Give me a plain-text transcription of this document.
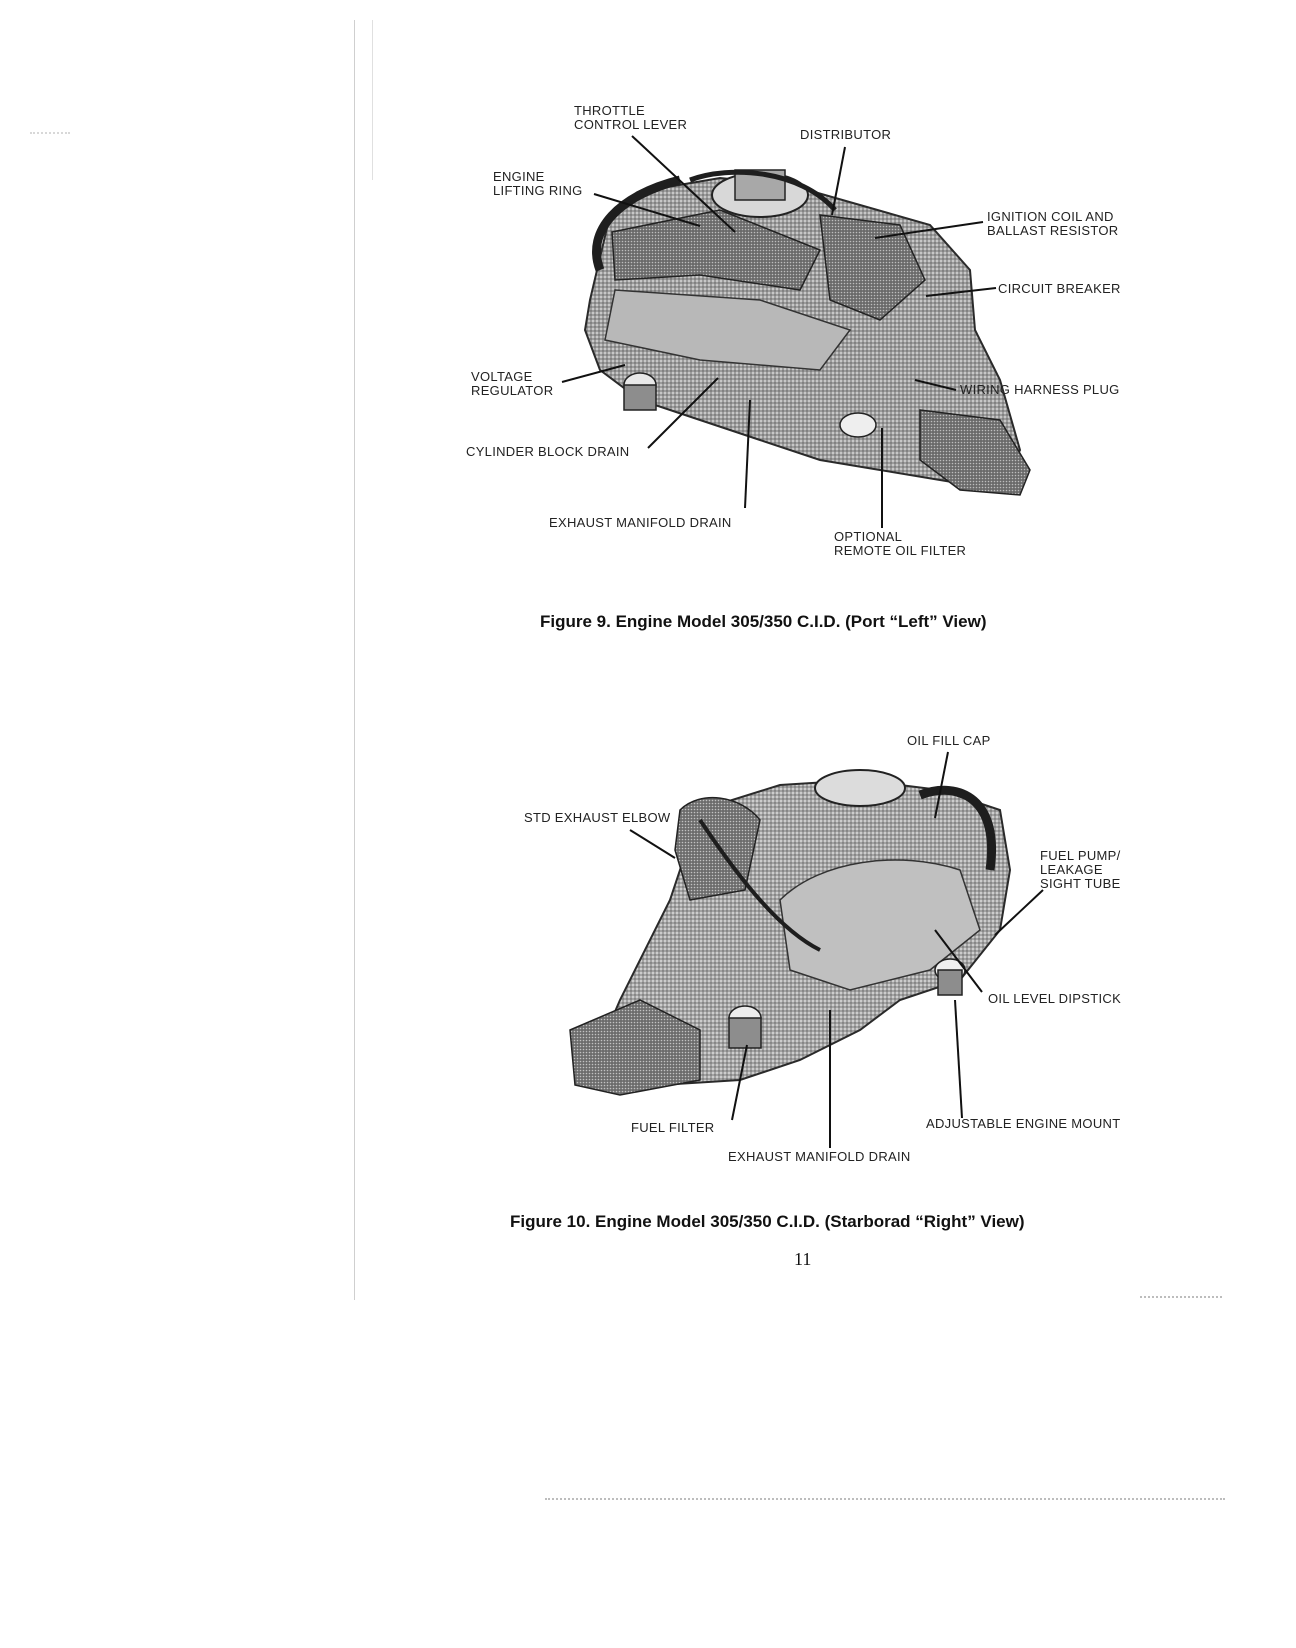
THROTTLE
CONTROL LEVER
DISTRIBUTOR
ENGINE
LIFTING RING
IGNITION COIL AND
BALLAST RESISTOR
CIRCUIT BREAKER
VOLTAGE
REGULATOR	WIRING HARNESS PLUG
CYLINDER BLOCK DRAIN
EXHAUST MANIFOLD DRAIN
OPTIONAL
REMOTE OIL FILTER
Figure 9. Engine Model 305/350 C.I.D. (Port “Left” View)
OIL FILL CAP
STD EXHAUST ELBOW
FUEL PUMP/
LEAKAGE
SIGHT TUBE
OIL LEVEL DIPSTICK
FUEL FILTER	ADJUSTABLE ENGINE MOUNT
EXHAUST MANIFOLD DRAIN
Figure 10. Engine Model 305/350 C.I.D. (Starborad “Right” View)
11
